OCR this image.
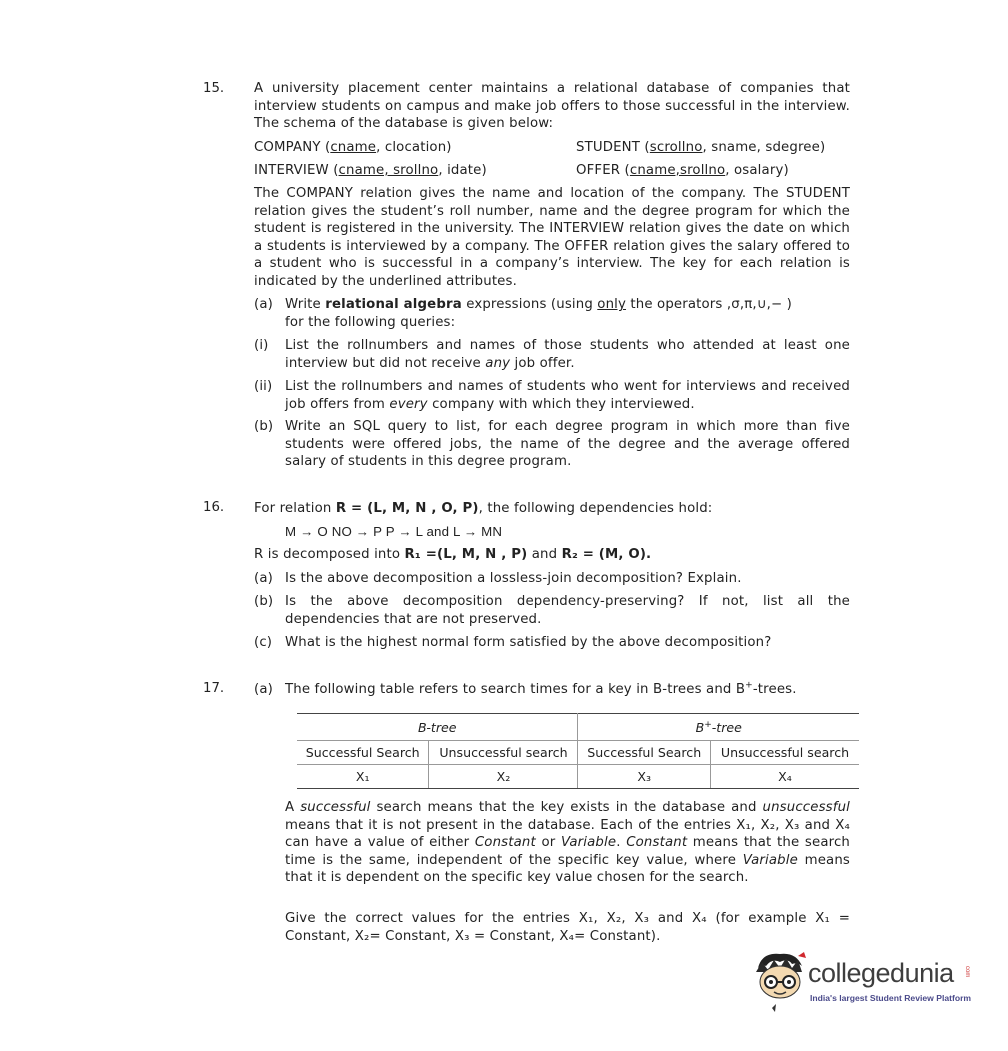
15.	A university placement center maintains a relational database of companies that interview students on campus and make job offers to those successful in the interview. The schema of the database is given below:
COMPANY (cname, clocation)	STUDENT (scrollno, sname, sdegree)
INTERVIEW (cname, srollno, idate)	OFFER (cname,srollno, osalary)
The COMPANY relation gives the name and location of the company. The STUDENT relation gives the student’s roll number, name and the degree program for which the student is registered in the university. The INTERVIEW relation gives the date on which a students is interviewed by a company. The OFFER relation gives the salary offered to a student who is successful in a company’s interview. The key for each relation is indicated by the underlined attributes.
(a) Write relational algebra expressions (using only the operators ,σ,π,∪,− )
for the following queries:
(i) List the rollnumbers and names of those students who attended at least one interview but did not receive any job offer.
(ii) List the rollnumbers and names of students who went for interviews and received job offers from every company with which they interviewed.
(b) Write an SQL query to list, for each degree program in which more than five students were offered jobs, the name of the degree and the average offered salary of students in this degree program.
16.	For relation R = (L, M, N , O, P), the following dependencies hold:
M → O NO → P P → L and L → MN
R is decomposed into R₁ =(L, M, N , P) and R₂ = (M, O).
(a) Is the above decomposition a lossless-join decomposition? Explain.
(b) Is the above decomposition dependency-preserving? If not, list all the dependencies that are not preserved.
(c) What is the highest normal form satisfied by the above decomposition?
17.	(a) The following table refers to search times for a key in B-trees and B+-trees.
B-tree		B+-tree	
Successful Search	Unsuccessful search	Successful Search	Unsuccessful search
X₁	X₂	X₃	X₄
A successful search means that the key exists in the database and unsuccessful means that it is not present in the database. Each of the entries X₁, X₂, X₃ and X₄ can have a value of either Constant or Variable. Constant means that the search time is the same, independent of the specific key value, where Variable means that it is dependent on the specific key value chosen for the search.
Give the correct values for the entries X₁, X₂, X₃ and X₄ (for example X₁ = Constant, X₂= Constant, X₃ = Constant, X₄= Constant).
collegedunia com
India's largest Student Review Platform
